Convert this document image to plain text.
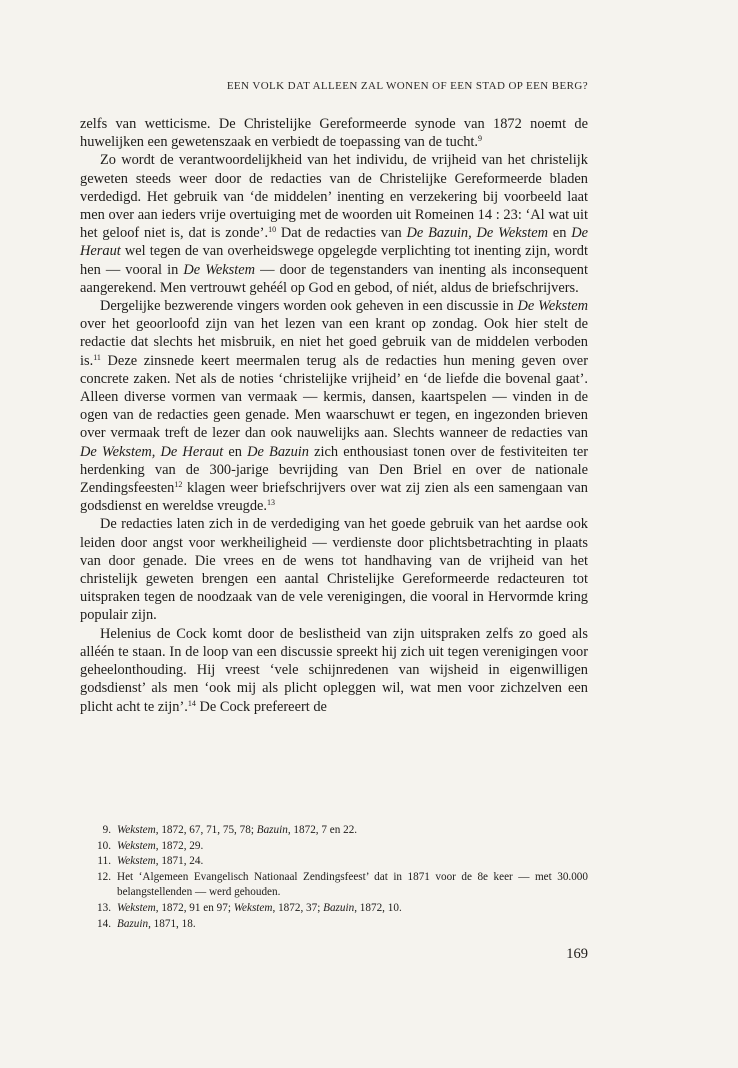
EEN VOLK DAT ALLEEN ZAL WONEN OF EEN STAD OP EEN BERG?

zelfs van wetticisme. De Christelijke Gereformeerde synode van 1872 noemt de huwelijken een gewetenszaak en verbiedt de toepassing van de tucht.$^9$

Zo wordt de verantwoordelijkheid van het individu, de vrijheid van het christelijk geweten steeds weer door de redacties van de Christelijke Gereformeerde bladen verdedigd. Het gebruik van ‘de middelen’ inenting en verzekering bij voorbeeld laat men over aan ieders vrije overtuiging met de woorden uit Romeinen 14 : 23: ‘Al wat uit het geloof niet is, dat is zonde’.$^{10}$ Dat de redacties van De Bazuin, De Wekstem en De Heraut wel tegen de van overheidswege opgelegde verplichting tot inenting zijn, wordt hen — vooral in De Wekstem — door de tegenstanders van inenting als inconsequent aangerekend. Men vertrouwt gehéél op God en gebod, of niét, aldus de briefschrijvers.

Dergelijke bezwerende vingers worden ook geheven in een discussie in De Wekstem over het geoorloofd zijn van het lezen van een krant op zondag. Ook hier stelt de redactie dat slechts het misbruik, en niet het goed gebruik van de middelen verboden is.$^{11}$ Deze zinsnede keert meermalen terug als de redacties hun mening geven over concrete zaken. Net als de noties ‘christelijke vrijheid’ en ‘de liefde die bovenal gaat’. Alleen diverse vormen van vermaak — kermis, dansen, kaartspelen — vinden in de ogen van de redacties geen genade. Men waarschuwt er tegen, en ingezonden brieven over vermaak treft de lezer dan ook nauwelijks aan. Slechts wanneer de redacties van De Wekstem, De Heraut en De Bazuin zich enthousiast tonen over de festiviteiten ter herdenking van de 300-jarige bevrijding van Den Briel en over de nationale Zendingsfeesten$^{12}$ klagen weer briefschrijvers over wat zij zien als een samengaan van godsdienst en wereldse vreugde.$^{13}$

De redacties laten zich in de verdediging van het goede gebruik van het aardse ook leiden door angst voor werkheiligheid — verdienste door plichtsbetrachting in plaats van door genade. Die vrees en de wens tot handhaving van de vrijheid van het christelijk geweten brengen een aantal Christelijke Gereformeerde redacteuren tot uitspraken tegen de noodzaak van de vele verenigingen, die vooral in Hervormde kring populair zijn.

Helenius de Cock komt door de beslistheid van zijn uitspraken zelfs zo goed als alléén te staan. In de loop van een discussie spreekt hij zich uit tegen verenigingen voor geheelonthouding. Hij vreest ‘vele schijnredenen van wijsheid in eigenwilligen godsdienst’ als men ‘ook mij als plicht opleggen wil, wat men voor zichzelven een plicht acht te zijn’.$^{14}$ De Cock prefereert de

9. Wekstem, 1872, 67, 71, 75, 78; Bazuin, 1872, 7 en 22.
10. Wekstem, 1872, 29.
11. Wekstem, 1871, 24.
12. Het ‘Algemeen Evangelisch Nationaal Zendingsfeest’ dat in 1871 voor de 8e keer — met 30.000 belangstellenden — werd gehouden.
13. Wekstem, 1872, 91 en 97; Wekstem, 1872, 37; Bazuin, 1872, 10.
14. Bazuin, 1871, 18.
169
